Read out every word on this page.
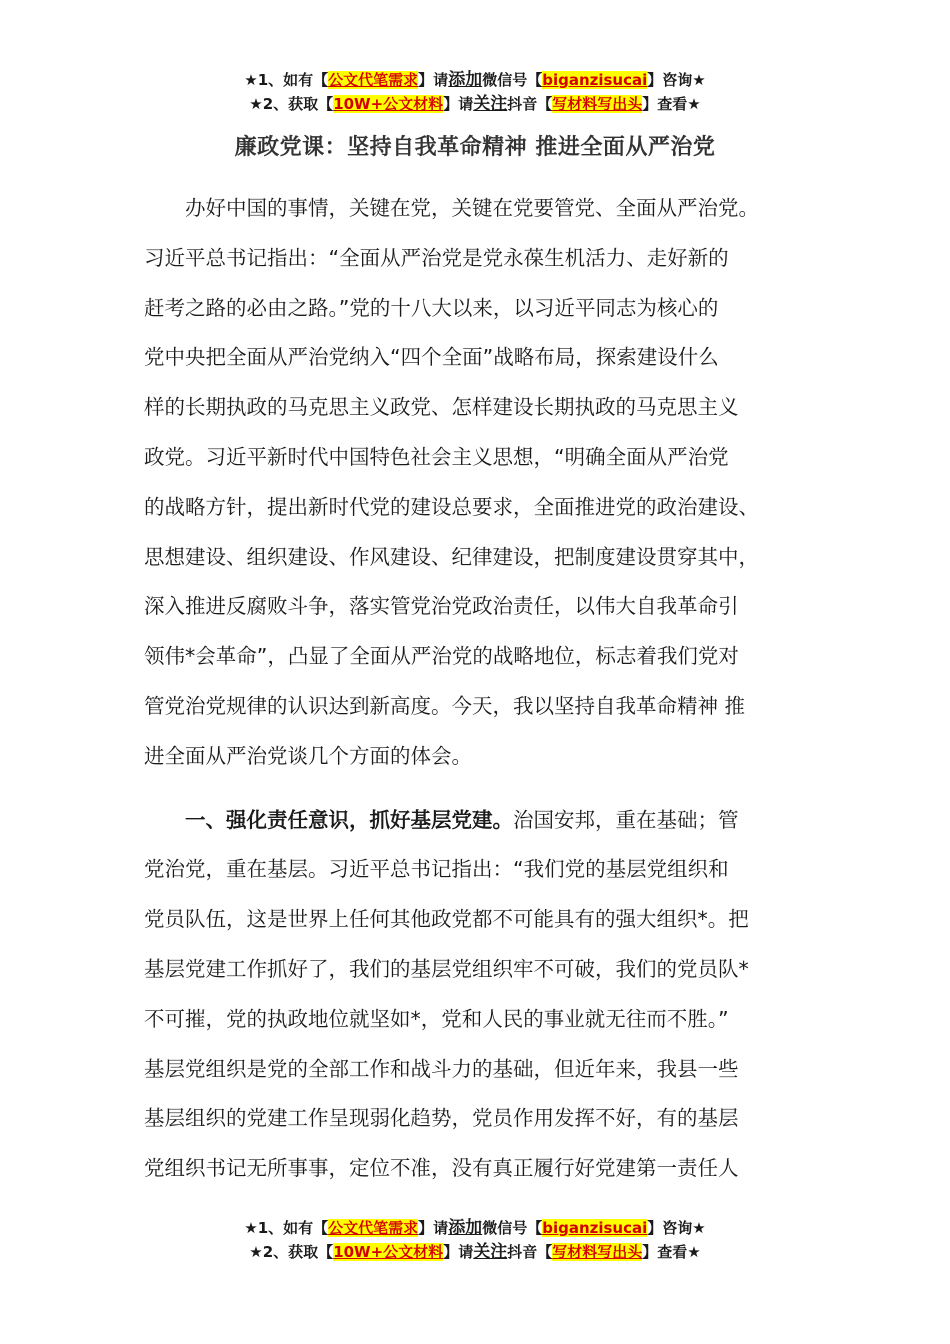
★1、如有【公文代笔需求】请添加微信号【biganzisucai】咨询★
★2、获取【10W+公文材料】请关注抖音【写材料写出头】查看★
廉政党课：坚持自我革命精神 推进全面从严治党

办好中国的事情，关键在党，关键在党要管党、全面从严治党。
习近平总书记指出：“全面从严治党是党永葆生机活力、走好新的
赶考之路的必由之路。”党的十八大以来，以习近平同志为核心的
党中央把全面从严治党纳入“四个全面”战略布局，探索建设什么
样的长期执政的马克思主义政党、怎样建设长期执政的马克思主义
政党。习近平新时代中国特色社会主义思想，“明确全面从严治党
的战略方针，提出新时代党的建设总要求，全面推进党的政治建设、
思想建设、组织建设、作风建设、纪律建设，把制度建设贯穿其中，
深入推进反腐败斗争，落实管党治党政治责任，以伟大自我革命引
领伟*会革命”，凸显了全面从严治党的战略地位，标志着我们党对
管党治党规律的认识达到新高度。今天，我以坚持自我革命精神 推
进全面从严治党谈几个方面的体会。

一、强化责任意识，抓好基层党建。治国安邦，重在基础；管
党治党，重在基层。习近平总书记指出：“我们党的基层党组织和
党员队伍，这是世界上任何其他政党都不可能具有的强大组织*。把
基层党建工作抓好了，我们的基层党组织牢不可破，我们的党员队*
不可摧，党的执政地位就坚如*，党和人民的事业就无往而不胜。”
基层党组织是党的全部工作和战斗力的基础，但近年来，我县一些
基层组织的党建工作呈现弱化趋势，党员作用发挥不好，有的基层
党组织书记无所事事，定位不准，没有真正履行好党建第一责任人

★1、如有【公文代笔需求】请添加微信号【biganzisucai】咨询★
★2、获取【10W+公文材料】请关注抖音【写材料写出头】查看★
